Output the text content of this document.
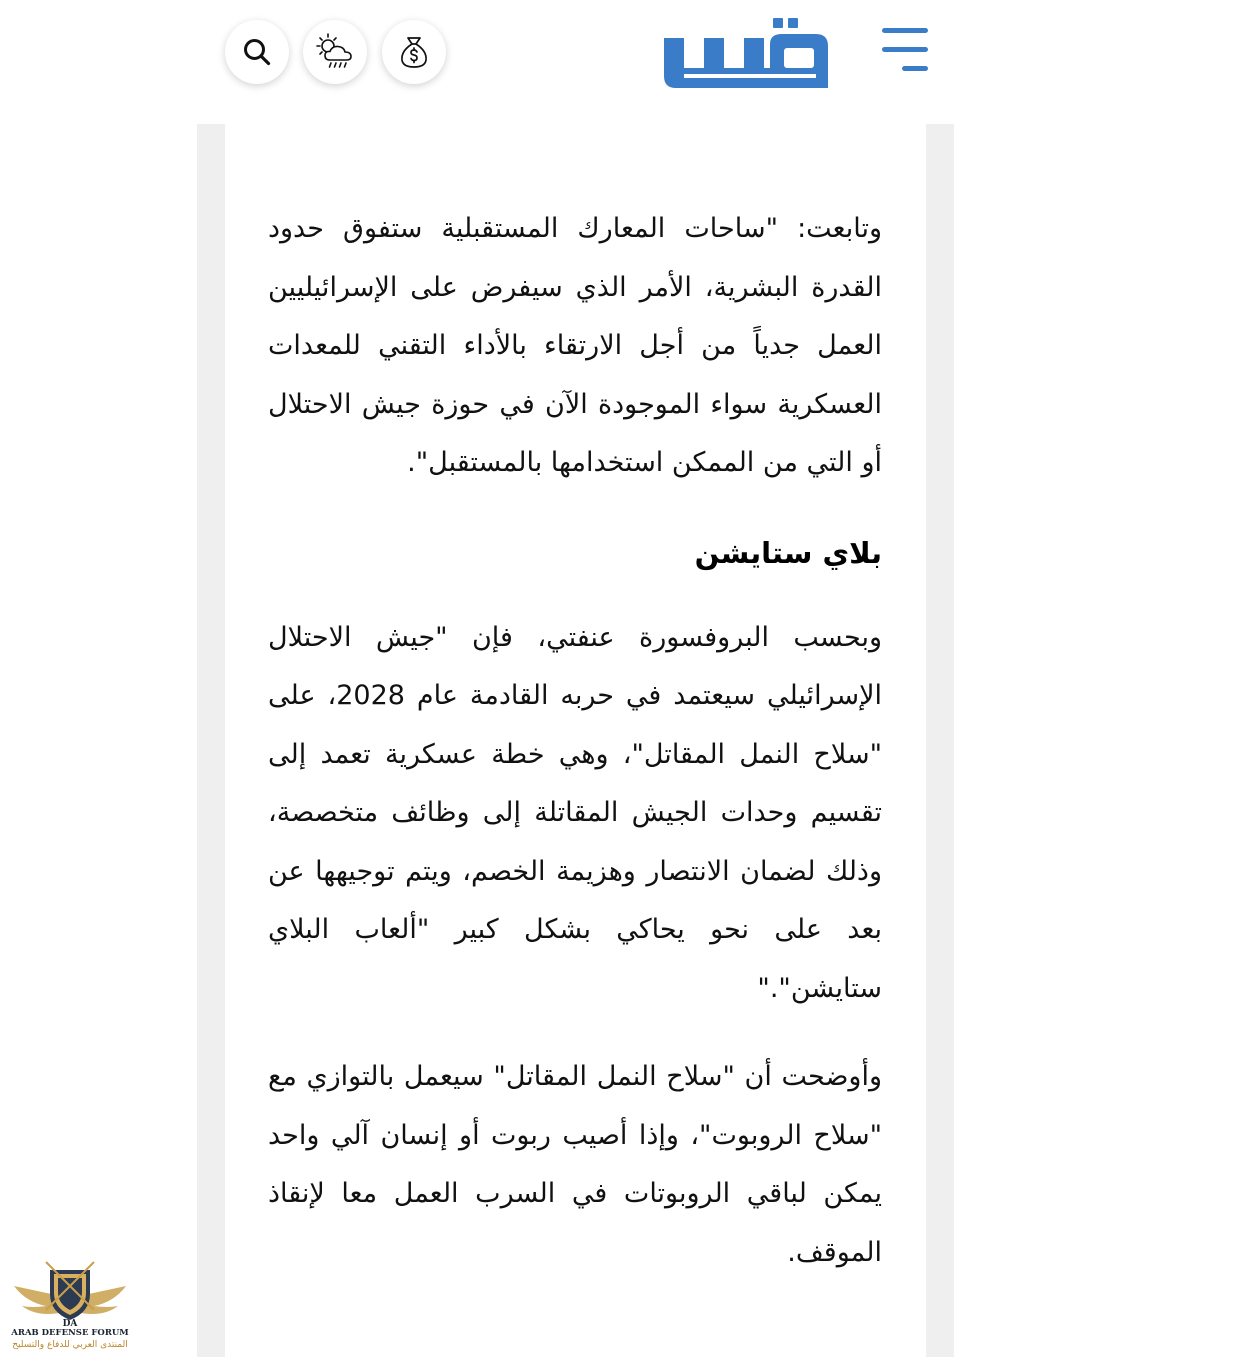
وتابعت: "ساحات المعارك المستقبلية ستفوق حدود القدرة البشرية، الأمر الذي سيفرض على الإسرائيليين العمل جدياً من أجل الارتقاء بالأداء التقني للمعدات العسكرية سواء الموجودة الآن في حوزة جيش الاحتلال أو التي من الممكن استخدامها بالمستقبل".

بلاي ستايشن

وبحسب البروفسورة عنفتي، فإن "جيش الاحتلال الإسرائيلي سيعتمد في حربه القادمة عام 2028، على "سلاح النمل المقاتل"، وهي خطة عسكرية تعمد إلى تقسيم وحدات الجيش المقاتلة إلى وظائف متخصصة، وذلك لضمان الانتصار وهزيمة الخصم، ويتم توجيهها عن بعد على نحو يحاكي بشكل كبير "ألعاب البلاي ستايشن"."

وأوضحت أن "سلاح النمل المقاتل" سيعمل بالتوازي مع "سلاح الروبوت"، وإذا أصيب ربوت أو إنسان آلي واحد يمكن لباقي الروبوتات في السرب العمل معا لإنقاذ الموقف.

DA
ARAB DEFENSE FORUM
المنتدى العربي للدفاع والتسليح
